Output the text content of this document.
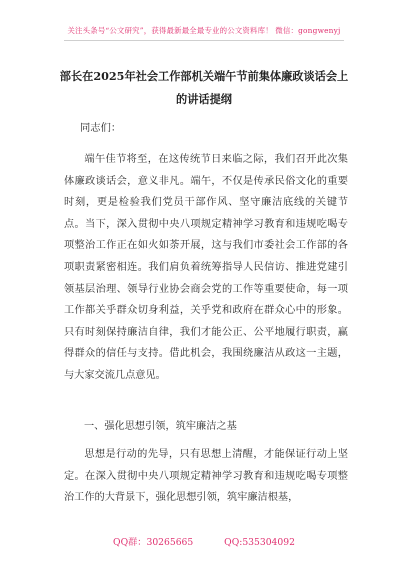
关注头条号“公文研究”，获得最新最全最专业的公文资料库！ 微信：gongwenyj
部长在2025年社会工作部机关端午节前集体廉政谈话会上的讲话提纲
同志们：

端午佳节将至，在这传统节日来临之际，我们召开此次集体廉政谈话会，意义非凡。端午，不仅是传承民俗文化的重要时刻，更是检验我们党员干部作风、坚守廉洁底线的关键节点。当下，深入贯彻中央八项规定精神学习教育和违规吃喝专项整治工作正在如火如荼开展，这与我们市委社会工作部的各项职责紧密相连。我们肩负着统筹指导人民信访、推进党建引领基层治理、领导行业协会商会党的工作等重要使命，每一项工作都关乎群众切身利益，关乎党和政府在群众心中的形象。只有时刻保持廉洁自律，我们才能公正、公平地履行职责，赢得群众的信任与支持。借此机会，我围绕廉洁从政这一主题，与大家交流几点意见。

一、强化思想引领，筑牢廉洁之基

思想是行动的先导，只有思想上清醒，才能保证行动上坚定。在深入贯彻中央八项规定精神学习教育和违规吃喝专项整治工作的大背景下，强化思想引领，筑牢廉洁根基，

QQ群：30265665	QQ:535304092
